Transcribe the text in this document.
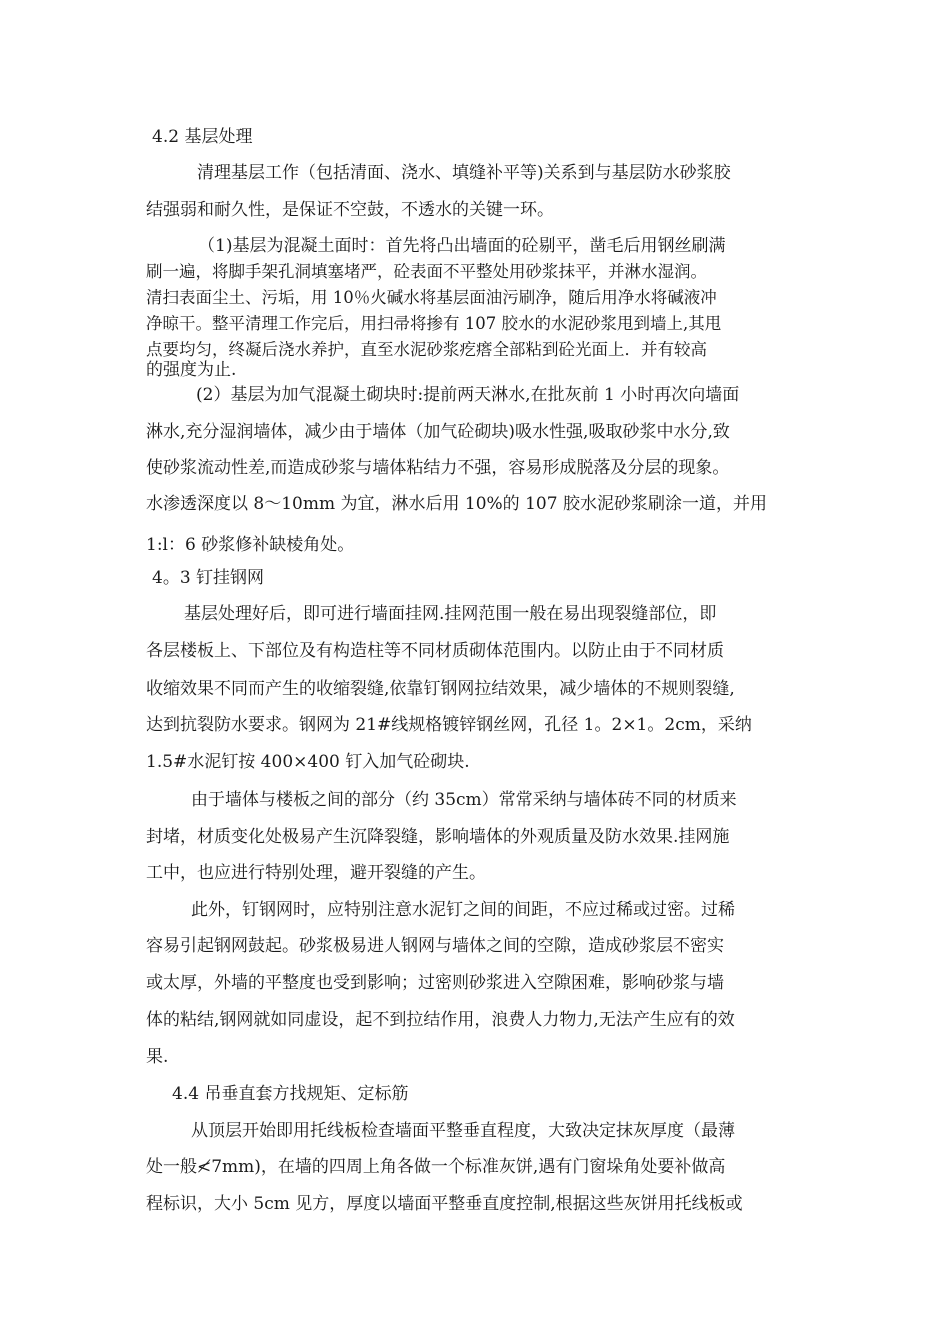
4.2 基层处理

清理基层工作（包括清面、浇水、填缝补平等)关系到与基层防水砂浆胶

结强弱和耐久性，是保证不空鼓，不透水的关键一环。

（1)基层为混凝土面时：首先将凸出墙面的砼剔平，凿毛后用钢丝刷满

刷一遍，将脚手架孔洞填塞堵严，砼表面不平整处用砂浆抹平，并淋水湿润。

清扫表面尘土、污垢，用 10％火碱水将基层面油污刷净，随后用净水将碱液冲

净晾干。整平清理工作完后，用扫帚将掺有 107 胶水的水泥砂浆甩到墙上,其甩

点要均匀，终凝后浇水养护，直至水泥砂浆疙瘩全部粘到砼光面上．并有较高

的强度为止.

(2）基层为加气混凝土砌块时:提前两天淋水,在批灰前 1 小时再次向墙面

淋水,充分湿润墙体，减少由于墙体（加气砼砌块)吸水性强,吸取砂浆中水分,致

使砂浆流动性差,而造成砂浆与墙体粘结力不强，容易形成脱落及分层的现象。

水渗透深度以 8～10mm 为宜，淋水后用 10%的 107 胶水泥砂浆刷涂一道，并用

1:l：6 砂浆修补缺棱角处。

4。3 钉挂钢网

基层处理好后，即可进行墙面挂网.挂网范围一般在易出现裂缝部位，即

各层楼板上、下部位及有构造柱等不同材质砌体范围内。以防止由于不同材质

收缩效果不同而产生的收缩裂缝,依靠钉钢网拉结效果，减少墙体的不规则裂缝,

达到抗裂防水要求。钢网为 21#线规格镀锌钢丝网，孔径 1。2×1。2cm，采纳

1.5#水泥钉按 400×400 钉入加气砼砌块.

由于墙体与楼板之间的部分（约 35cm）常常采纳与墙体砖不同的材质来

封堵，材质变化处极易产生沉降裂缝，影响墙体的外观质量及防水效果.挂网施

工中，也应进行特别处理，避开裂缝的产生。

此外，钉钢网时，应特别注意水泥钉之间的间距，不应过稀或过密。过稀

容易引起钢网鼓起。砂浆极易进人钢网与墙体之间的空隙，造成砂浆层不密实

或太厚，外墙的平整度也受到影响；过密则砂浆进入空隙困难，影响砂浆与墙

体的粘结,钢网就如同虚设，起不到拉结作用，浪费人力物力,无法产生应有的效

果.

4.4 吊垂直套方找规矩、定标筋

从顶层开始即用托线板检查墙面平整垂直程度，大致决定抹灰厚度（最薄

处一般≮7mm)，在墙的四周上角各做一个标准灰饼,遇有门窗垛角处要补做高

程标识，大小 5cm 见方，厚度以墙面平整垂直度控制,根据这些灰饼用托线板或
